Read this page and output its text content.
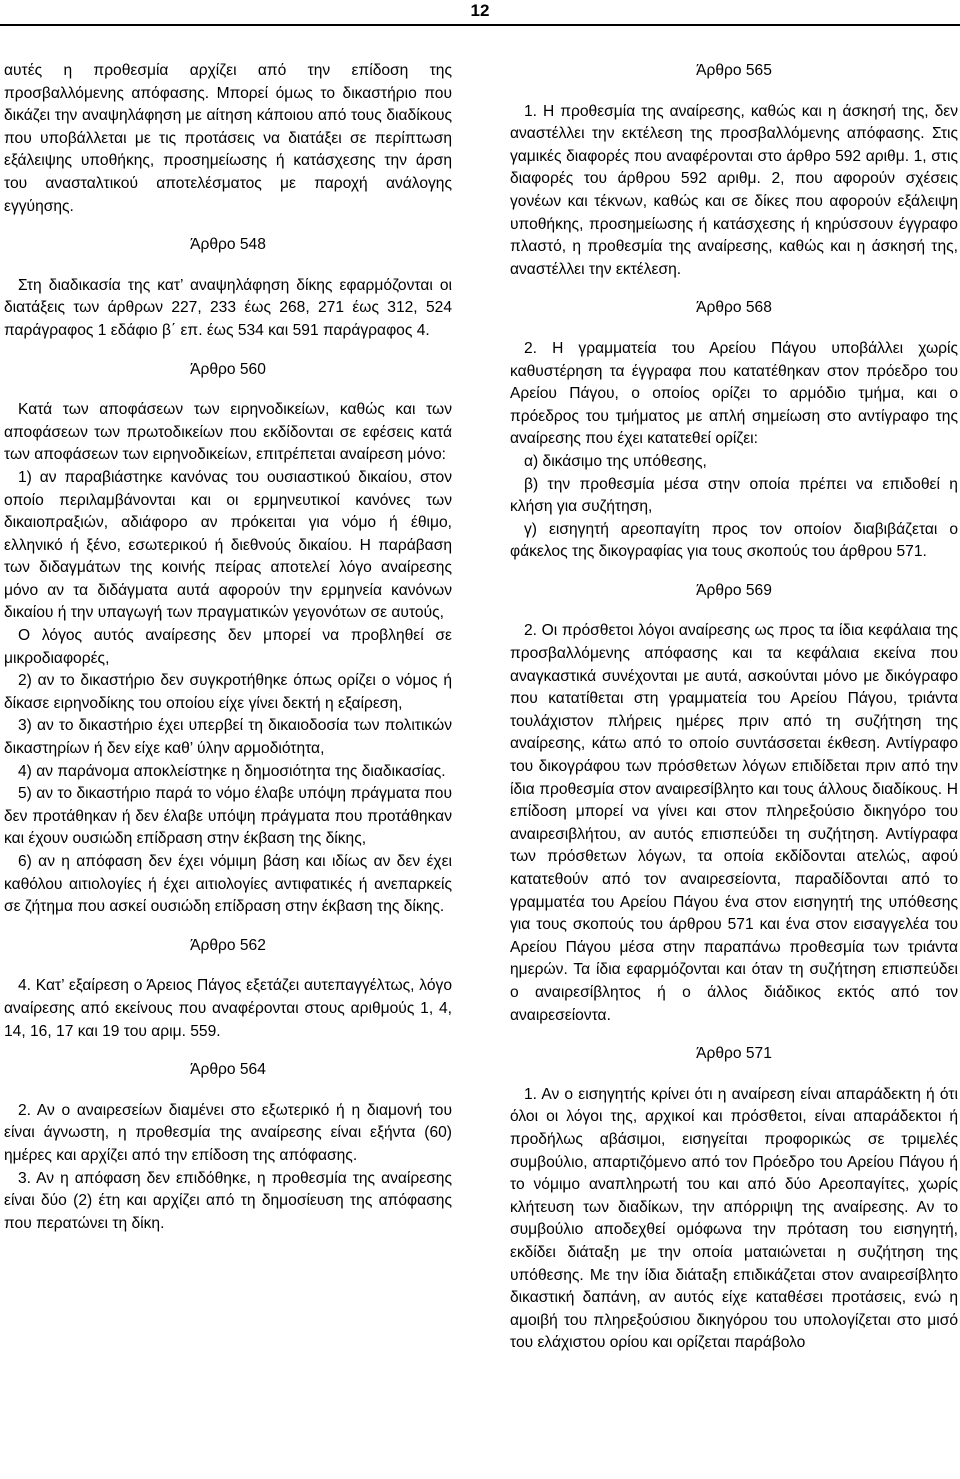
12

αυτές η προθεσμία αρχίζει από την επίδοση της προσβαλλόμενης απόφασης. Μπορεί όμως το δικαστήριο που δικάζει την αναψηλάφηση με αίτηση κάποιου από τους διαδίκους που υποβάλλεται με τις προτάσεις να διατάξει σε περίπτωση εξάλειψης υποθήκης, προσημείωσης ή κατάσχεσης την άρση του ανασταλτικού αποτελέσματος με παροχή ανάλογης εγγύησης.

Άρθρο 548

Στη διαδικασία της κατ’ αναψηλάφηση δίκης εφαρμόζονται οι διατάξεις των άρθρων 227, 233 έως 268, 271 έως 312, 524 παράγραφος 1 εδάφιο β΄ επ. έως 534 και 591 παράγραφος 4.

Άρθρο 560

Κατά των αποφάσεων των ειρηνοδικείων, καθώς και των αποφάσεων των πρωτοδικείων που εκδίδονται σε εφέσεις κατά των αποφάσεων των ειρηνοδικείων, επιτρέπεται αναίρεση μόνο:

1) αν παραβιάστηκε κανόνας του ουσιαστικού δικαίου, στον οποίο περιλαμβάνονται και οι ερμηνευτικοί κανόνες των δικαιοπραξιών, αδιάφορο αν πρόκειται για νόμο ή έθιμο, ελληνικό ή ξένο, εσωτερικού ή διεθνούς δικαίου. Η παράβαση των διδαγμάτων της κοινής πείρας αποτελεί λόγο αναίρεσης μόνο αν τα διδάγματα αυτά αφορούν την ερμηνεία κανόνων δικαίου ή την υπαγωγή των πραγματικών γεγονότων σε αυτούς,

Ο λόγος αυτός αναίρεσης δεν μπορεί να προβληθεί σε μικροδιαφορές,

2) αν το δικαστήριο δεν συγκροτήθηκε όπως ορίζει ο νόμος ή δίκασε ειρηνοδίκης του οποίου είχε γίνει δεκτή η εξαίρεση,

3) αν το δικαστήριο έχει υπερβεί τη δικαιοδοσία των πολιτικών δικαστηρίων ή δεν είχε καθ’ ύλην αρμοδιότητα,

4) αν παράνομα αποκλείστηκε η δημοσιότητα της διαδικασίας.

5) αν το δικαστήριο παρά το νόμο έλαβε υπόψη πράγματα που δεν προτάθηκαν ή δεν έλαβε υπόψη πράγματα που προτάθηκαν και έχουν ουσιώδη επίδραση στην έκβαση της δίκης,

6) αν η απόφαση δεν έχει νόμιμη βάση και ιδίως αν δεν έχει καθόλου αιτιολογίες ή έχει αιτιολογίες αντιφατικές ή ανεπαρκείς σε ζήτημα που ασκεί ουσιώδη επίδραση στην έκβαση της δίκης.

Άρθρο 562

4. Κατ’ εξαίρεση ο Άρειος Πάγος εξετάζει αυτεπαγγέλτως, λόγο αναίρεσης από εκείνους που αναφέρονται στους αριθμούς 1, 4, 14, 16, 17 και 19 του αριμ. 559.

Άρθρο 564

2. Αν ο αναιρεσείων διαμένει στο εξωτερικό ή η διαμονή του είναι άγνωστη, η προθεσμία της αναίρεσης είναι εξήντα (60) ημέρες και αρχίζει από την επίδοση της απόφασης.

3. Αν η απόφαση δεν επιδόθηκε, η προθεσμία της αναίρεσης είναι δύο (2) έτη και αρχίζει από τη δημοσίευση της απόφασης που περατώνει τη δίκη.

Άρθρο 565

1. Η προθεσμία της αναίρεσης, καθώς και η άσκησή της, δεν αναστέλλει την εκτέλεση της προσβαλλόμενης απόφασης. Στις γαμικές διαφορές που αναφέρονται στο άρθρο 592 αριθμ. 1, στις διαφορές του άρθρου 592 αριθμ. 2, που αφορούν σχέσεις γονέων και τέκνων, καθώς και σε δίκες που αφορούν εξάλειψη υποθήκης, προσημείωσης ή κατάσχεσης ή κηρύσσουν έγγραφο πλαστό, η προθεσμία της αναίρεσης, καθώς και η άσκησή της, αναστέλλει την εκτέλεση.

Άρθρο 568

2. Η γραμματεία του Αρείου Πάγου υποβάλλει χωρίς καθυστέρηση τα έγγραφα που κατατέθηκαν στον πρόεδρο του Αρείου Πάγου, ο οποίος ορίζει το αρμόδιο τμήμα, και ο πρόεδρος του τμήματος με απλή σημείωση στο αντίγραφο της αναίρεσης που έχει κατατεθεί ορίζει:

α) δικάσιμο της υπόθεσης,

β) την προθεσμία μέσα στην οποία πρέπει να επιδοθεί η κλήση για συζήτηση,

γ) εισηγητή αρεοπαγίτη προς τον οποίον διαβιβάζεται ο φάκελος της δικογραφίας για τους σκοπούς του άρθρου 571.

Άρθρο 569

2. Οι πρόσθετοι λόγοι αναίρεσης ως προς τα ίδια κεφάλαια της προσβαλλόμενης απόφασης και τα κεφάλαια εκείνα που αναγκαστικά συνέχονται με αυτά, ασκούνται μόνο με δικόγραφο που κατατίθεται στη γραμματεία του Αρείου Πάγου, τριάντα τουλάχιστον πλήρεις ημέρες πριν από τη συζήτηση της αναίρεσης, κάτω από το οποίο συντάσσεται έκθεση. Αντίγραφο του δικογράφου των πρόσθετων λόγων επιδίδεται πριν από την ίδια προθεσμία στον αναιρεσίβλητο και τους άλλους διαδίκους. Η επίδοση μπορεί να γίνει και στον πληρεξούσιο δικηγόρο του αναιρεσιβλήτου, αν αυτός επισπεύδει τη συζήτηση. Αντίγραφα των πρόσθετων λόγων, τα οποία εκδίδονται ατελώς, αφού κατατεθούν από τον αναιρεσείοντα, παραδίδονται από το γραμματέα του Αρείου Πάγου ένα στον εισηγητή της υπόθεσης για τους σκοπούς του άρθρου 571 και ένα στον εισαγγελέα του Αρείου Πάγου μέσα στην παραπάνω προθεσμία των τριάντα ημερών. Τα ίδια εφαρμόζονται και όταν τη συζήτηση επισπεύδει ο αναιρεσίβλητος ή ο άλλος διάδικος εκτός από τον αναιρεσείοντα.

Άρθρο 571

1. Αν ο εισηγητής κρίνει ότι η αναίρεση είναι απαράδεκτη ή ότι όλοι οι λόγοι της, αρχικοί και πρόσθετοι, είναι απαράδεκτοι ή προδήλως αβάσιμοι, εισηγείται προφορικώς σε τριμελές συμβούλιο, απαρτιζόμενο από τον Πρόεδρο του Αρείου Πάγου ή το νόμιμο αναπληρωτή του και από δύο Αρεοπαγίτες, χωρίς κλήτευση των διαδίκων, την απόρριψη της αναίρεσης. Αν το συμβούλιο αποδεχθεί ομόφωνα την πρόταση του εισηγητή, εκδίδει διάταξη με την οποία ματαιώνεται η συζήτηση της υπόθεσης. Με την ίδια διάταξη επιδικάζεται στον αναιρεσίβλητο δικαστική δαπάνη, αν αυτός είχε καταθέσει προτάσεις, ενώ η αμοιβή του πληρεξούσιου δικηγόρου του υπολογίζεται στο μισό του ελάχιστου ορίου και ορίζεται παράβολο
